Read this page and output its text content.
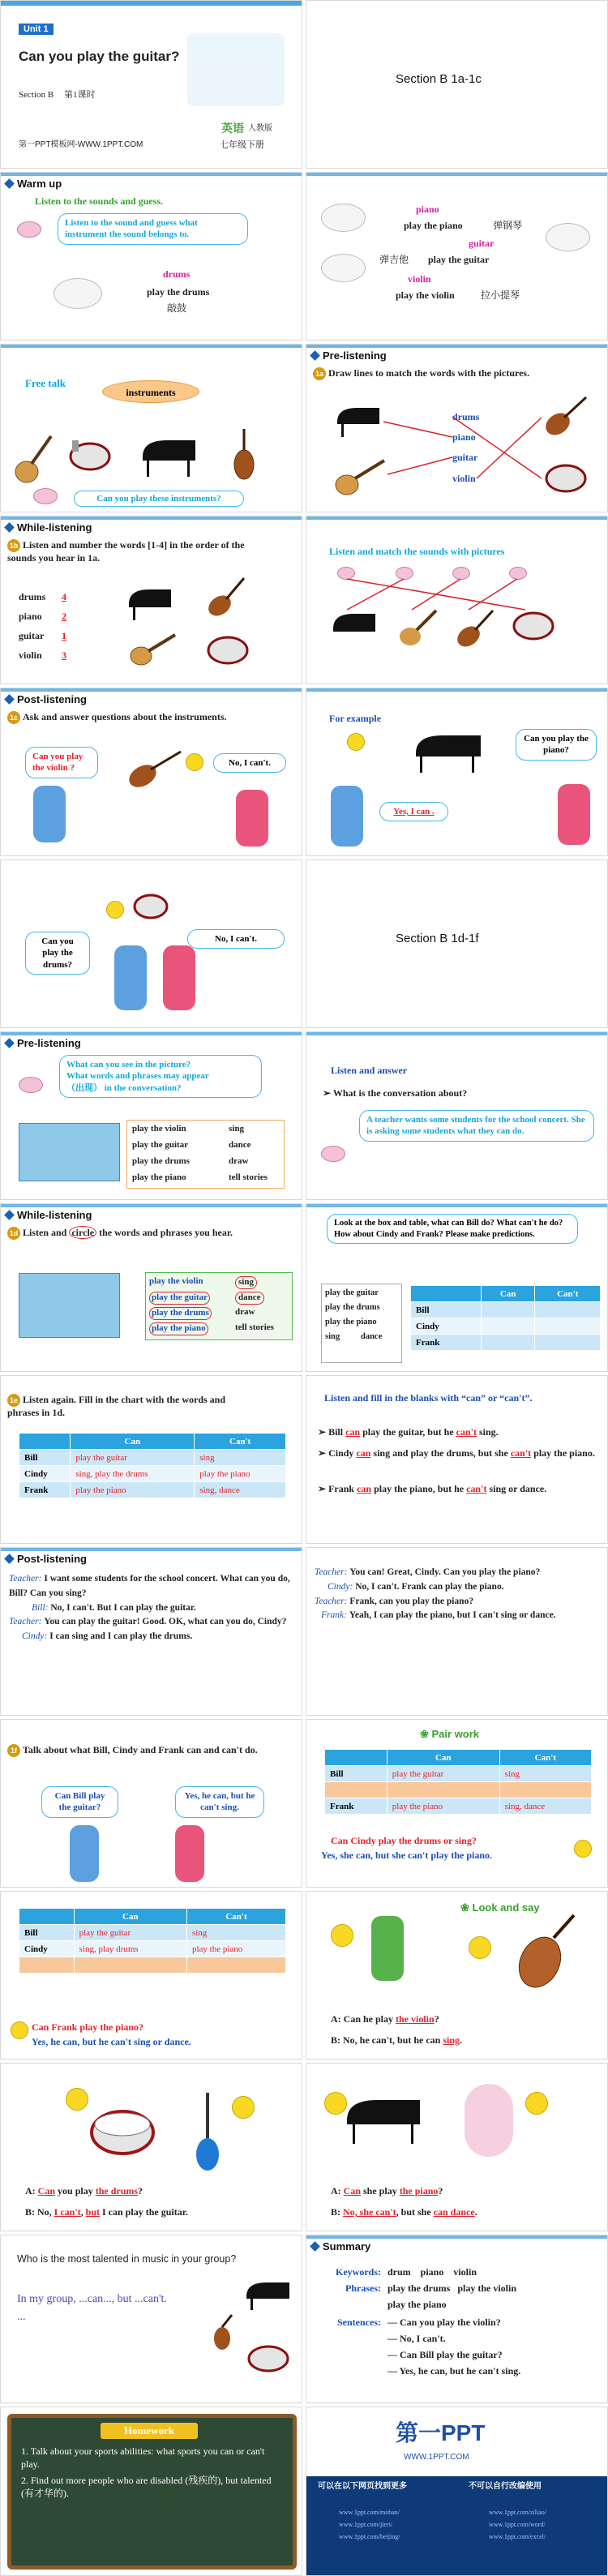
Unit 1
Can you play the guitar?
Section B 第1课时
英语 人教版
第一PPT模板网-WWW.1PPT.COM	七年级下册
Section B 1a-1c
Warm up
Listen to the sounds and guess.
Listen to the sound and guess what instrument the sound belongs to.
drums
play the drums
敲鼓
piano
play the piano	弹钢琴
guitar
弹吉他 play the guitar
violin
play the violin	拉小提琴
Free talk
instruments
Can you play these instruments?
Pre-listening
1a Draw lines to match the words with the pictures.
drums
piano
guitar
violin
While-listening
1b Listen and number the words [1-4] in the order of the sounds you hear in 1a.
drums 4
piano 2
guitar 1
violin 3
Listen and match the sounds with pictures
Post-listening
1c Ask and answer questions about the instruments.
Can you play the violin ?
No, I can't.
For example
Can you play the piano?
Yes, I can .
Can you play the drums?
No, I can't.	Section B 1d-1f
Pre-listening
What can you see in the picture?
What words and phrases may appear
（出现） in the conversation?
play the violin
play the guitar
play the drums
play the piano
sing
dance
draw
tell stories
Listen and answer
➢ What is the conversation about?
A teacher wants some students for the school concert. She is asking some students what they can do.
While-listening
1d Listen and circle the words and phrases you hear.
play the violin
play the guitar
play the drums
play the piano
sing
dance
draw
tell stories
Look at the box and table, what can Bill do? What can't he do? How about Cindy and Frank? Please make predictions.
play the guitar
play the drums
play the piano
sing dance
	Can	Can't
Bill		
Cindy		
Frank		
1e Listen again. Fill in the chart with the words and phrases in 1d.
	Can	Can't
Bill	play the guitar	sing
Cindy	sing, play the drums	play the piano
Frank	play the piano	sing, dance
Listen and fill in the blanks with “can” or “can't”.
➢ Bill can play the guitar, but he can't sing.
➢ Cindy can sing and play the drums, but she can't play the piano.
➢ Frank can play the piano, but he can't sing or dance.
Post-listening
Teacher: I want some students for the school concert. What can you do, Bill? Can you sing?
Bill: No, I can't. But I can play the guitar.
Teacher: You can play the guitar! Good. OK, what can you do, Cindy?
Cindy: I can sing and I can play the drums.
Teacher: You can! Great, Cindy. Can you play the piano?
Cindy: No, I can't. Frank can play the piano.
Teacher: Frank, can you play the piano?
Frank: Yeah, I can play the piano, but I can't sing or dance.
1f Talk about what Bill, Cindy and Frank can and can't do.
Can Bill play the guitar?
Yes, he can, but he can't sing.
❀ Pair work
	Can	Can't
Bill	play the guitar	sing

Frank	play the piano	sing, dance
Can Cindy play the drums or sing?
Yes, she can, but she can't play the piano.
	Can	Can't
Bill	play the guitar	sing
Cindy	sing, play drums	play the piano

Can Frank play the piano?
Yes, he can, but he can't sing or dance.
❀ Look and say
A: Can he play the violin?
B: No, he can't, but he can sing.
A: Can you play the drums?
B: No, I can't, but I can play the guitar.
A: Can she play the piano?
B: No, she can't, but she can dance.
Who is the most talented in music in your group?
In my group, ...can..., but ...can't.
...
Summary
Keywords: drum    piano    violin
Phrases: play the drums   play the violin
play the piano
Sentences: — Can you play the violin?
— No, I can't.
— Can Bill play the guitar?
— Yes, he can, but he can't sing.
Homework
1. Talk about your sports abilities: what sports you can or can't play.
2. Find out more people who are disabled (残疾的), but talented (有才华的).
第一PPT
WWW.1PPT.COM
可以在以下网页找到更多	不可以自行改编使用
www.1ppt.com/moban/
www.1ppt.com/jieri/
www.1ppt.com/beijing/
www.1ppt.com/ziliao/
www.1ppt.com/word/
www.1ppt.com/excel/
